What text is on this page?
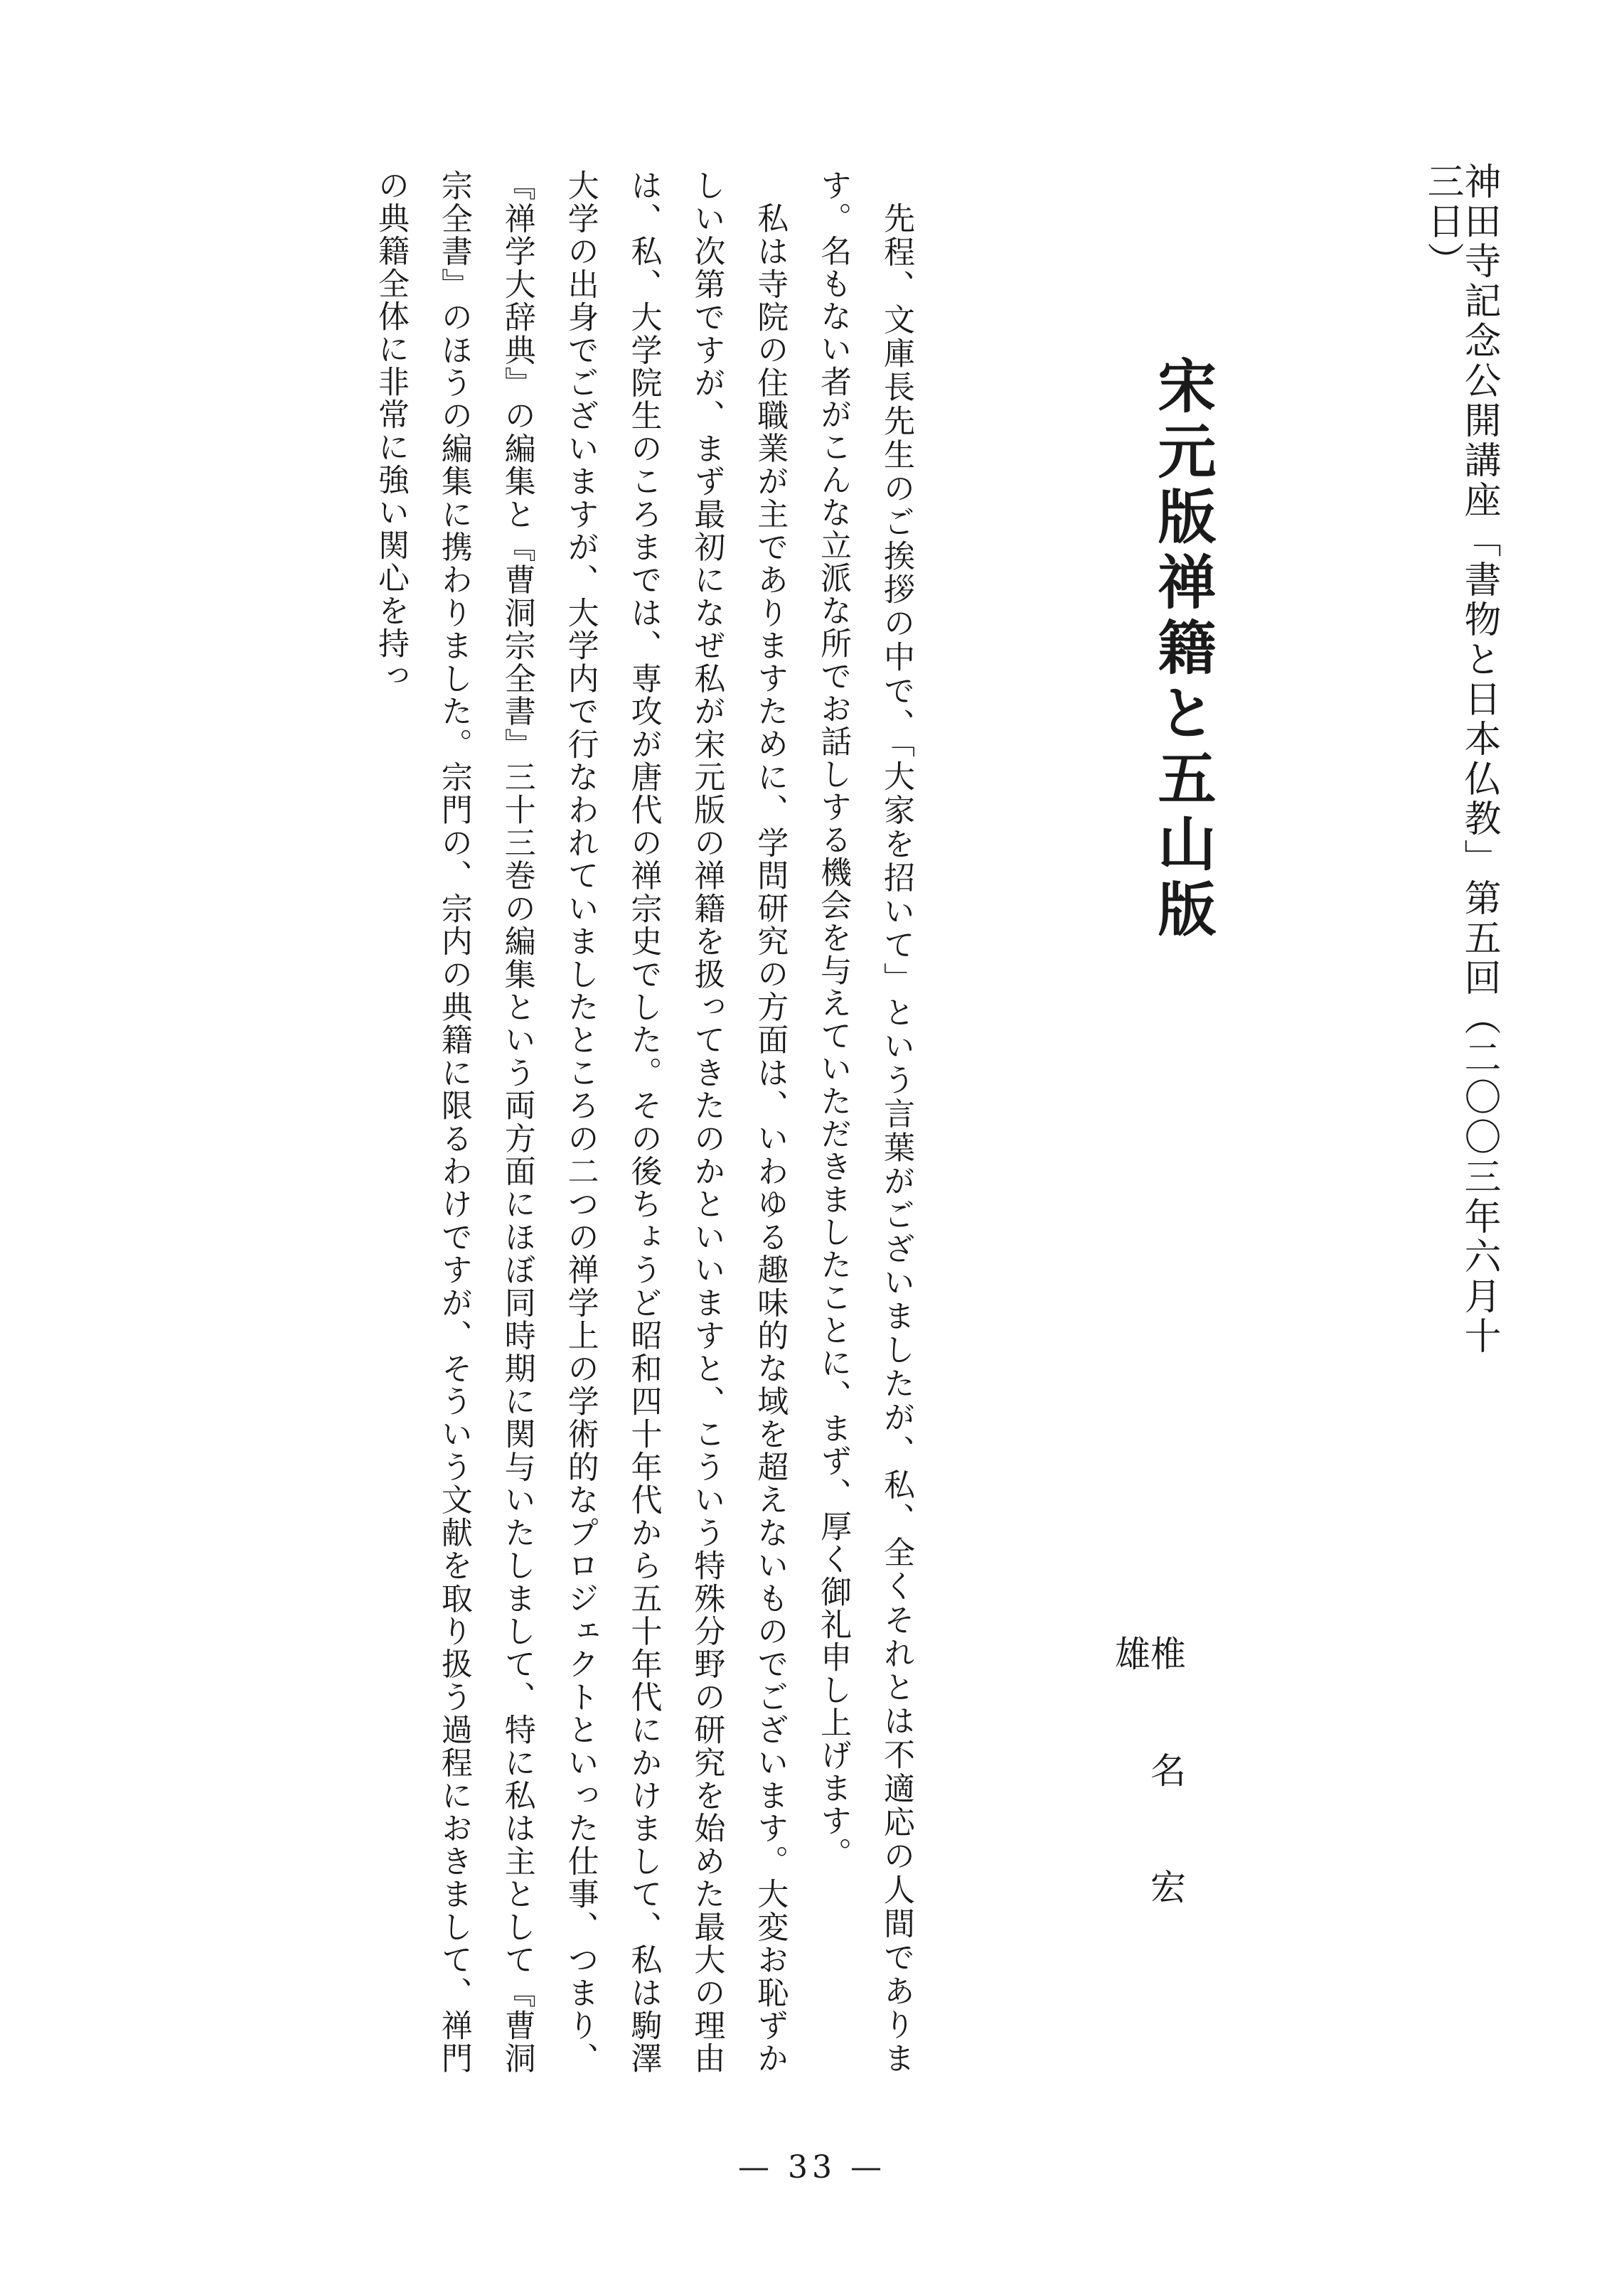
神田寺記念公開講座「書物と日本仏教」第五回（二〇〇三年六月十三日）
宋元版禅籍と五山版
椎　名　宏　雄

先程、文庫長先生のご挨拶の中で、「大家を招いて」という言葉がございましたが、私、全くそれとは不適応の人間であります。名もない者がこんな立派な所でお話しする機会を与えていただきましたことに、まず、厚く御礼申し上げます。

私は寺院の住職業が主でありますために、学問研究の方面は、いわゆる趣味的な域を超えないものでございます。大変お恥ずかしい次第ですが、まず最初になぜ私が宋元版の禅籍を扱ってきたのかといいますと、こういう特殊分野の研究を始めた最大の理由は、私、大学院生のころまでは、専攻が唐代の禅宗史でした。その後ちょうど昭和四十年代から五十年代にかけまして、私は駒澤大学の出身でございますが、大学内で行なわれていましたところの二つの禅学上の学術的なプロジェクトといった仕事、つまり、『禅学大辞典』の編集と『曹洞宗全書』三十三巻の編集という両方面にほぼ同時期に関与いたしまして、特に私は主として『曹洞宗全書』のほうの編集に携わりました。宗門の、宗内の典籍に限るわけですが、そういう文献を取り扱う過程におきまして、禅門の典籍全体に非常に強い関心を持っ

— 33 —
